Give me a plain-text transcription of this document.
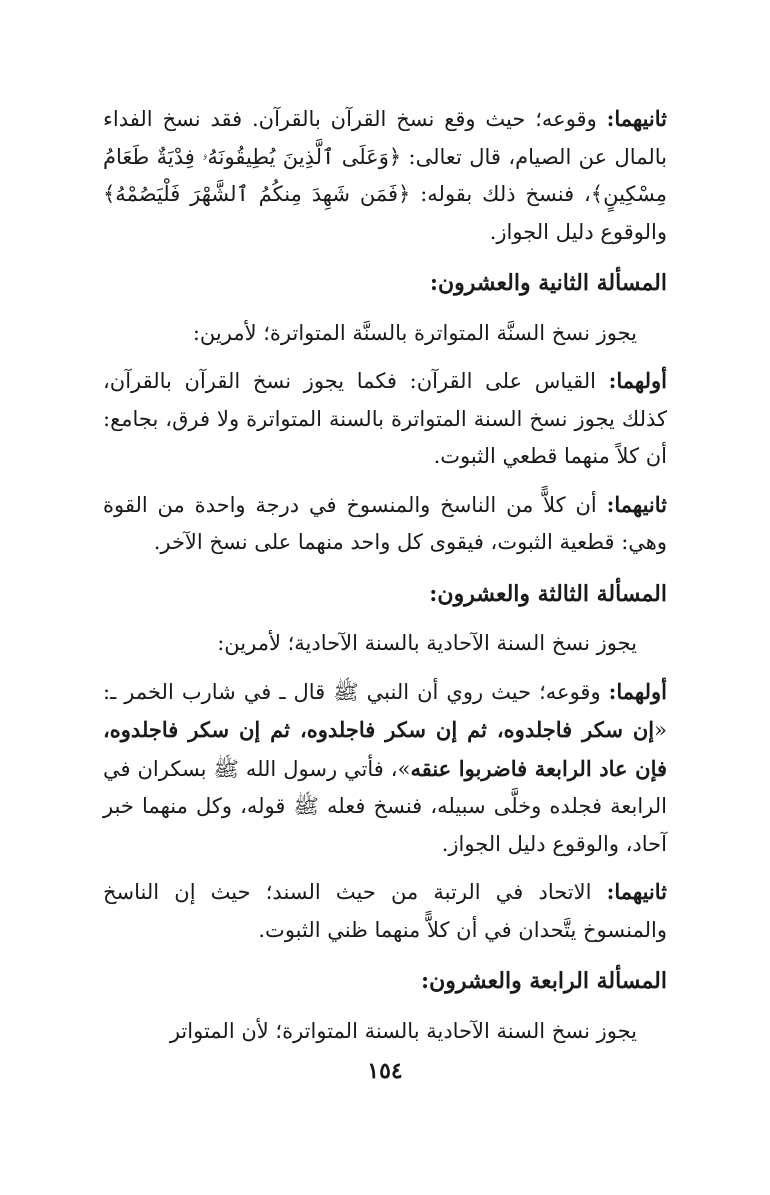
ثانيهما: وقوعه؛ حيث وقع نسخ القرآن بالقرآن. فقد نسخ الفداء بالمال عن الصيام، قال تعالى: ﴿وَعَلَى ٱلَّذِينَ يُطِيقُونَهُۥ فِدْيَةٌ طَعَامُ مِسْكِينٍ﴾، فنسخ ذلك بقوله: ﴿فَمَن شَهِدَ مِنكُمُ ٱلشَّهْرَ فَلْيَصُمْهُ﴾ والوقوع دليل الجواز.

المسألة الثانية والعشرون:

يجوز نسخ السنَّة المتواترة بالسنَّة المتواترة؛ لأمرين:

أولهما: القياس على القرآن: فكما يجوز نسخ القرآن بالقرآن، كذلك يجوز نسخ السنة المتواترة بالسنة المتواترة ولا فرق، بجامع: أن كلاً منهما قطعي الثبوت.

ثانيهما: أن كلاًّ من الناسخ والمنسوخ في درجة واحدة من القوة وهي: قطعية الثبوت، فيقوى كل واحد منهما على نسخ الآخر.

المسألة الثالثة والعشرون:

يجوز نسخ السنة الآحادية بالسنة الآحادية؛ لأمرين:

أولهما: وقوعه؛ حيث روي أن النبي ﷺ قال ـ في شارب الخمر ـ: «إن سكر فاجلدوه، ثم إن سكر فاجلدوه، ثم إن سكر فاجلدوه، فإن عاد الرابعة فاضربوا عنقه»، فأتي رسول الله ﷺ بسكران في الرابعة فجلده وخلَّى سبيله، فنسخ فعله ﷺ قوله، وكل منهما خبر آحاد، والوقوع دليل الجواز.

ثانيهما: الاتحاد في الرتبة من حيث السند؛ حيث إن الناسخ والمنسوخ يتَّحدان في أن كلاًّ منهما ظني الثبوت.

المسألة الرابعة والعشرون:

يجوز نسخ السنة الآحادية بالسنة المتواترة؛ لأن المتواتر

١٥٤
